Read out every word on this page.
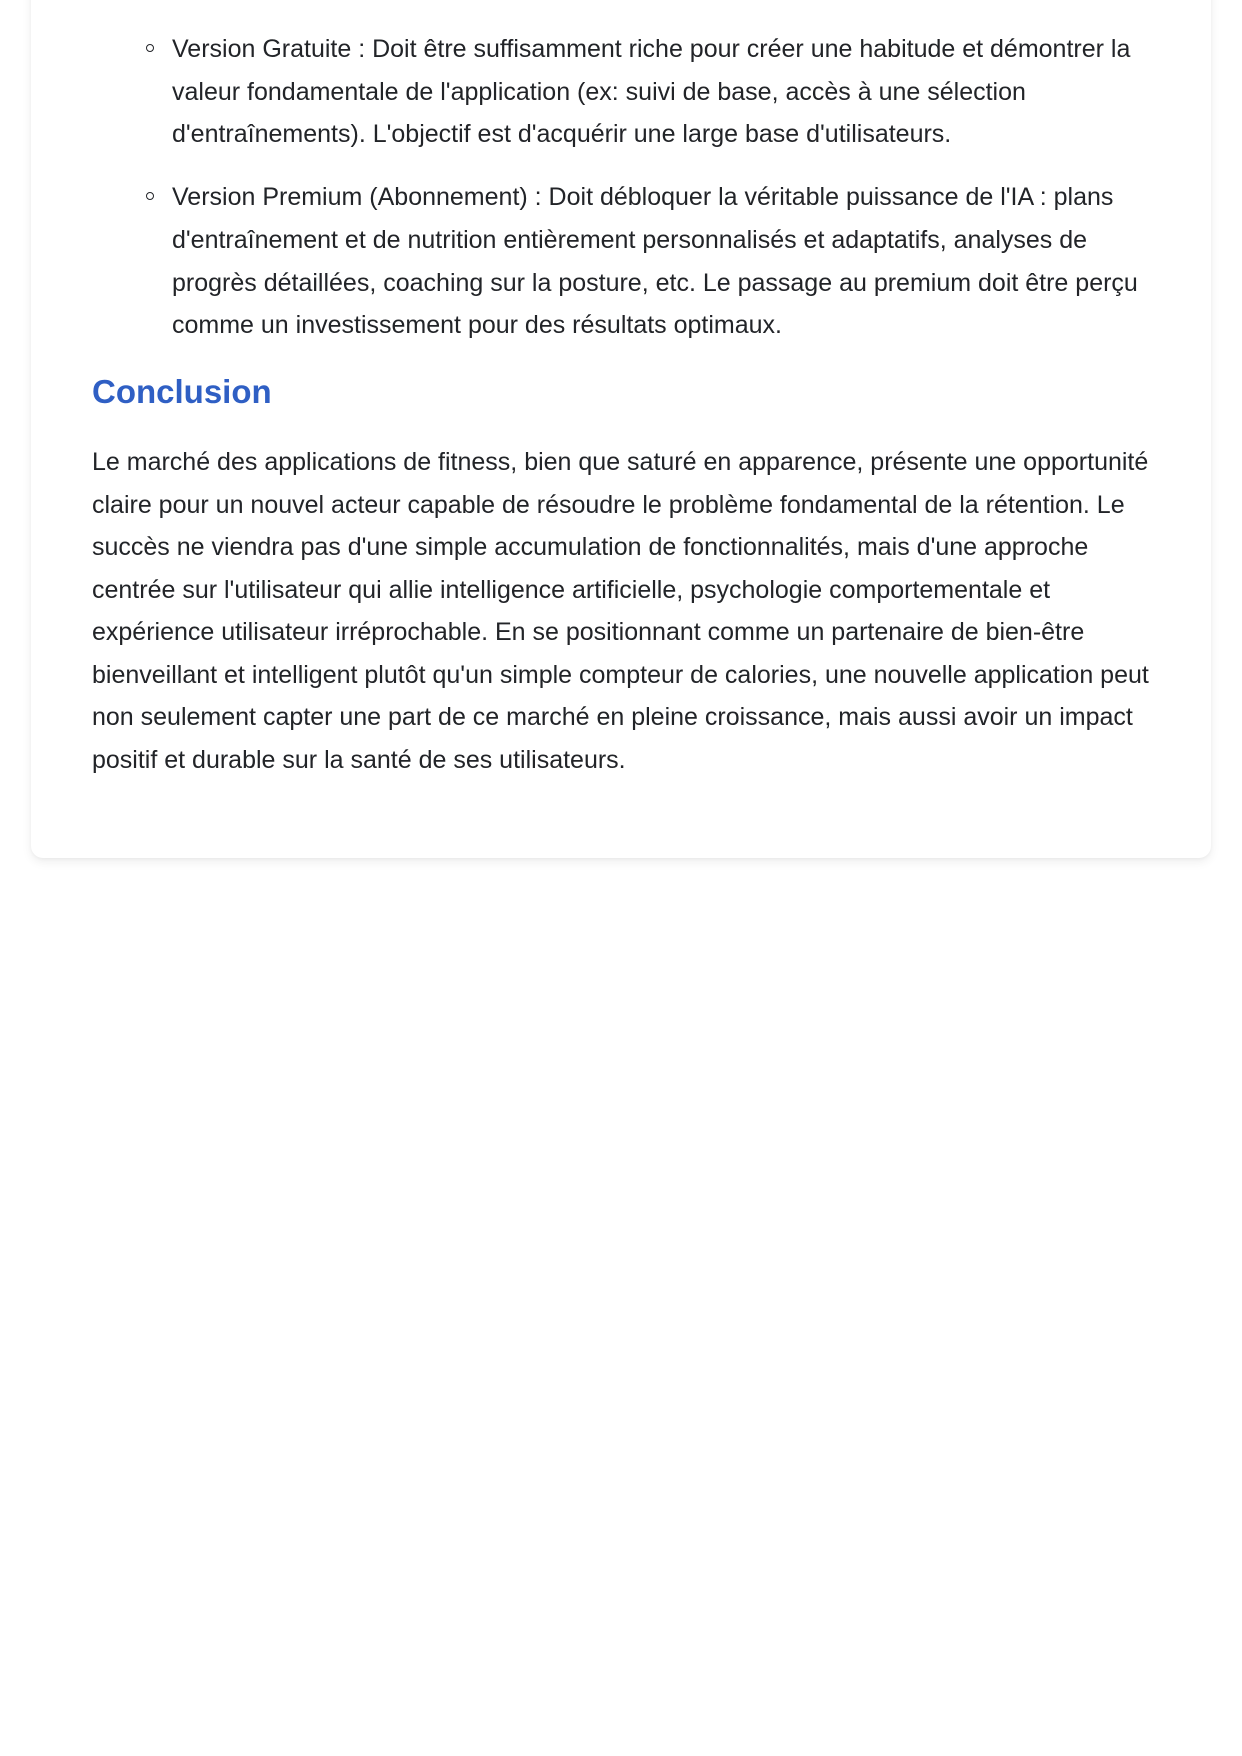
Version Gratuite : Doit être suffisamment riche pour créer une habitude et démontrer la valeur fondamentale de l'application (ex: suivi de base, accès à une sélection d'entraînements). L'objectif est d'acquérir une large base d'utilisateurs.
Version Premium (Abonnement) : Doit débloquer la véritable puissance de l'IA : plans d'entraînement et de nutrition entièrement personnalisés et adaptatifs, analyses de progrès détaillées, coaching sur la posture, etc. Le passage au premium doit être perçu comme un investissement pour des résultats optimaux.
Conclusion

Le marché des applications de fitness, bien que saturé en apparence, présente une opportunité claire pour un nouvel acteur capable de résoudre le problème fondamental de la rétention. Le succès ne viendra pas d'une simple accumulation de fonctionnalités, mais d'une approche centrée sur l'utilisateur qui allie intelligence artificielle, psychologie comportementale et expérience utilisateur irréprochable. En se positionnant comme un partenaire de bien-être bienveillant et intelligent plutôt qu'un simple compteur de calories, une nouvelle application peut non seulement capter une part de ce marché en pleine croissance, mais aussi avoir un impact positif et durable sur la santé de ses utilisateurs.
